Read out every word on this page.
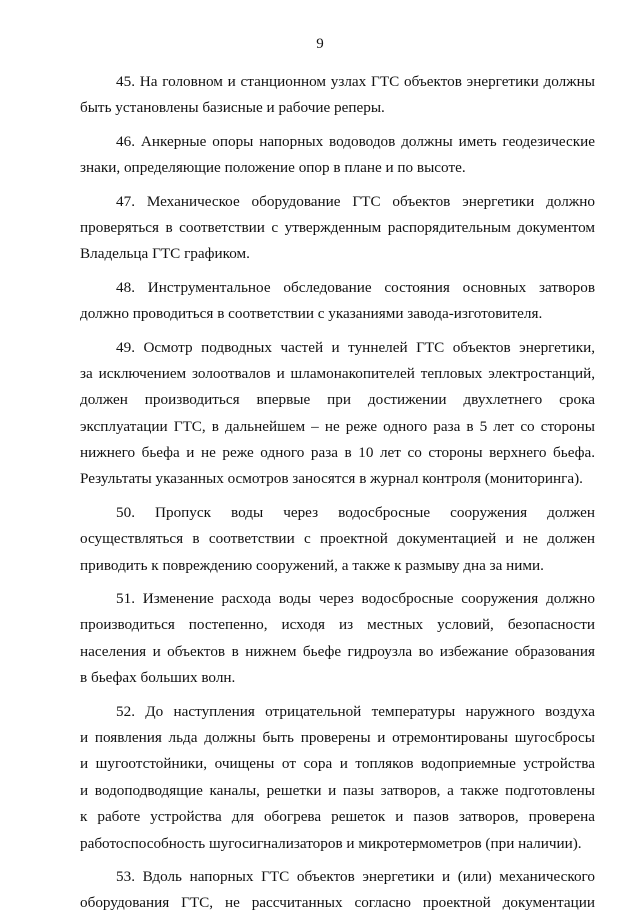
9
45. На головном и станционном узлах ГТС объектов энергетики должны
быть установлены базисные и рабочие реперы.
46. Анкерные опоры напорных водоводов должны иметь геодезические
знаки, определяющие положение опор в плане и по высоте.
47. Механическое оборудование ГТС объектов энергетики должно
проверяться в соответствии с утвержденным распорядительным документом
Владельца ГТС графиком.
48. Инструментальное обследование состояния основных затворов
должно проводиться в соответствии с указаниями завода-изготовителя.
49. Осмотр подводных частей и туннелей ГТС объектов энергетики,
за исключением золоотвалов и шламонакопителей тепловых электростанций,
должен производиться впервые при достижении двухлетнего срока
эксплуатации ГТС, в дальнейшем – не реже одного раза в 5 лет со стороны
нижнего бьефа и не реже одного раза в 10 лет со стороны верхнего бьефа.
Результаты указанных осмотров заносятся в журнал контроля (мониторинга).
50. Пропуск воды через водосбросные сооружения должен
осуществляться в соответствии с проектной документацией и не должен
приводить к повреждению сооружений, а также к размыву дна за ними.
51. Изменение расхода воды через водосбросные сооружения должно
производиться постепенно, исходя из местных условий, безопасности
населения и объектов в нижнем бьефе гидроузла во избежание образования
в бьефах больших волн.
52. До наступления отрицательной температуры наружного воздуха
и появления льда должны быть проверены и отремонтированы шугосбросы
и шугоотстойники, очищены от сора и топляков водоприемные устройства
и водоподводящие каналы, решетки и пазы затворов, а также подготовлены
к работе устройства для обогрева решеток и пазов затворов, проверена
работоспособность шугосигнализаторов и микротермометров (при наличии).
53. Вдоль напорных ГТС объектов энергетики и (или) механического
оборудования ГТС, не рассчитанных согласно проектной документации
